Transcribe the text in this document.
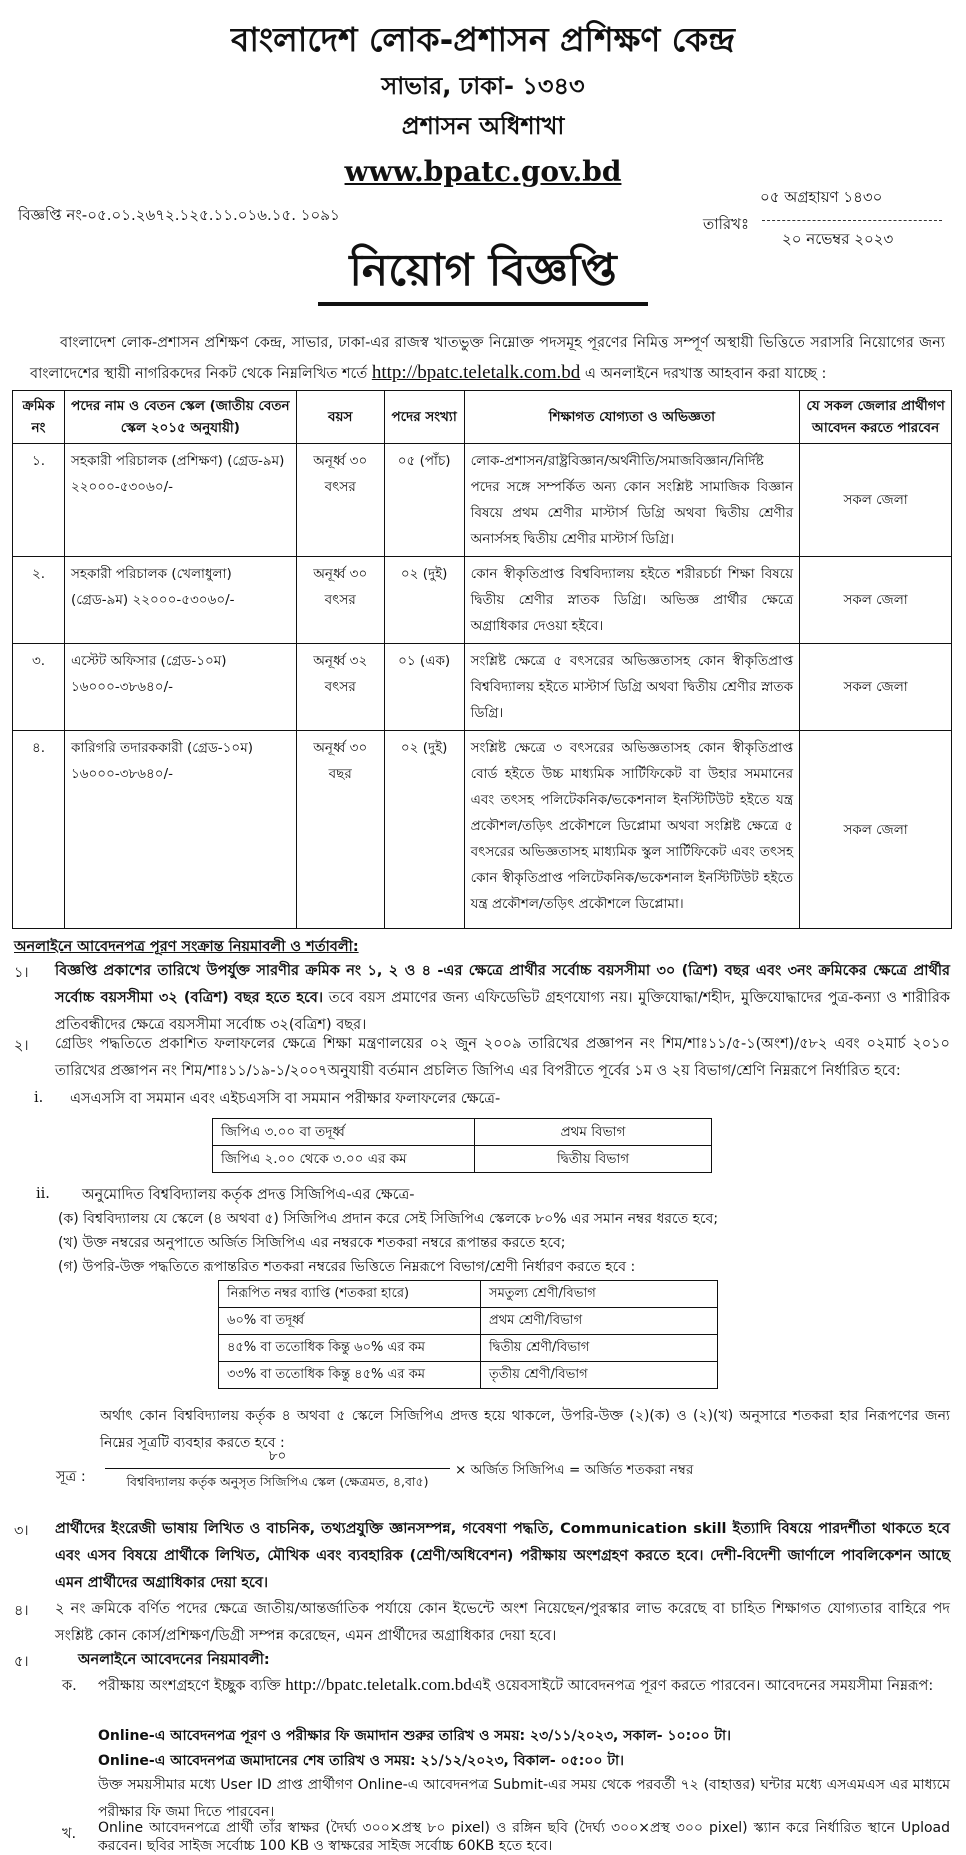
বাংলাদেশ লোক-প্রশাসন প্রশিক্ষণ কেন্দ্র
সাভার, ঢাকা- ১৩৪৩
প্রশাসন অধিশাখা
www.bpatc.gov.bd
বিজ্ঞপ্তি নং-০৫.০১.২৬৭২.১২৫.১১.০১৬.১৫. ১০৯১
০৫ অগ্রহায়ণ ১৪৩০
তারিখঃ
২০ নভেম্বর ২০২৩
নিয়োগ বিজ্ঞপ্তি
বাংলাদেশ লোক-প্রশাসন প্রশিক্ষণ কেন্দ্র, সাভার, ঢাকা-এর রাজস্ব খাতভুক্ত নিম্নোক্ত পদসমূহ পূরণের নিমিত্ত সম্পূর্ণ অস্থায়ী ভিত্তিতে সরাসরি নিয়োগের জন্য বাংলাদেশের স্থায়ী নাগরিকদের নিকট থেকে নিম্নলিখিত শর্তে http://bpatc.teletalk.com.bd এ অনলাইনে দরখাস্ত আহবান করা যাচ্ছে :
ক্রমিক নং	পদের নাম ও বেতন স্কেল (জাতীয় বেতন স্কেল ২০১৫ অনুযায়ী)	বয়স	পদের সংখ্যা	শিক্ষাগত যোগ্যতা ও অভিজ্ঞতা	যে সকল জেলার প্রার্থীগণ আবেদন করতে পারবেন
১.	সহকারী পরিচালক (প্রশিক্ষণ) (গ্রেড-৯ম) ২২০০০-৫৩০৬০/-	অনূর্ধ্ব ৩০ বৎসর	০৫ (পাঁচ)	লোক-প্রশাসন/রাষ্ট্রবিজ্ঞান/অর্থনীতি/সমাজবিজ্ঞান/নির্দিষ্ট পদের সঙ্গে সম্পর্কিত অন্য কোন সংশ্লিষ্ট সামাজিক বিজ্ঞান বিষয়ে প্রথম শ্রেণীর মাস্টার্স ডিগ্রি অথবা দ্বিতীয় শ্রেণীর অনার্সসহ দ্বিতীয় শ্রেণীর মাস্টার্স ডিগ্রি।	সকল জেলা
২.	সহকারী পরিচালক (খেলাধুলা) (গ্রেড-৯ম) ২২০০০-৫৩০৬০/-	অনূর্ধ্ব ৩০ বৎসর	০২ (দুই)	কোন স্বীকৃতিপ্রাপ্ত বিশ্ববিদ্যালয় হইতে শরীরচর্চা শিক্ষা বিষয়ে দ্বিতীয় শ্রেণীর স্নাতক ডিগ্রি। অভিজ্ঞ প্রার্থীর ক্ষেত্রে অগ্রাধিকার দেওয়া হইবে।	সকল জেলা
৩.	এস্টেট অফিসার (গ্রেড-১০ম) ১৬০০০-৩৮৬৪০/-	অনূর্ধ্ব ৩২ বৎসর	০১ (এক)	সংশ্লিষ্ট ক্ষেত্রে ৫ বৎসরের অভিজ্ঞতাসহ কোন স্বীকৃতিপ্রাপ্ত বিশ্ববিদ্যালয় হইতে মাস্টার্স ডিগ্রি অথবা দ্বিতীয় শ্রেণীর স্নাতক ডিগ্রি।	সকল জেলা
৪.	কারিগরি তদারককারী (গ্রেড-১০ম) ১৬০০০-৩৮৬৪০/-	অনূর্ধ্ব ৩০ বছর	০২ (দুই)	সংশ্লিষ্ট ক্ষেত্রে ৩ বৎসরের অভিজ্ঞতাসহ কোন স্বীকৃতিপ্রাপ্ত বোর্ড হইতে উচ্চ মাধ্যমিক সার্টিফিকেট বা উহার সমমানের এবং তৎসহ পলিটেকনিক/ভকেশনাল ইনস্টিটিউট হইতে যন্ত্র প্রকৌশল/তড়িৎ প্রকৌশলে ডিপ্লোমা অথবা সংশ্লিষ্ট ক্ষেত্রে ৫ বৎসরের অভিজ্ঞতাসহ মাধ্যমিক স্কুল সার্টিফিকেট এবং তৎসহ কোন স্বীকৃতিপ্রাপ্ত পলিটেকনিক/ভকেশনাল ইনস্টিটিউট হইতে যন্ত্র প্রকৌশল/তড়িৎ প্রকৌশলে ডিপ্লোমা।	সকল জেলা
অনলাইনে আবেদনপত্র পূরণ সংক্রান্ত নিয়মাবলী ও শর্তাবলী:
১। বিজ্ঞপ্তি প্রকাশের তারিখে উপর্যুক্ত সারণীর ক্রমিক নং ১, ২ ও ৪ -এর ক্ষেত্রে প্রার্থীর সর্বোচ্চ বয়সসীমা ৩০ (ত্রিশ) বছর এবং ৩নং ক্রমিকের ক্ষেত্রে প্রার্থীর সর্বোচ্চ বয়সসীমা ৩২ (বত্রিশ) বছর হতে হবে। তবে বয়স প্রমাণের জন্য এফিডেভিট গ্রহণযোগ্য নয়। মুক্তিযোদ্ধা/শহীদ, মুক্তিযোদ্ধাদের পুত্র-কন্যা ও শারীরিক প্রতিবন্ধীদের ক্ষেত্রে বয়সসীমা সর্বোচ্চ ৩২(বত্রিশ) বছর।
২। গ্রেডিং পদ্ধতিতে প্রকাশিত ফলাফলের ক্ষেত্রে শিক্ষা মন্ত্রণালয়ের ০২ জুন ২০০৯ তারিখের প্রজ্ঞাপন নং শিম/শাঃ১১/৫-১(অংশ)/৫৮২ এবং ০২মার্চ ২০১০ তারিখের প্রজ্ঞাপন নং শিম/শাঃ১১/১৯-১/২০০৭অনুযায়ী বর্তমান প্রচলিত জিপিএ এর বিপরীতে পূর্বের ১ম ও ২য় বিভাগ/শ্রেণি নিম্নরূপে নির্ধারিত হবে:
i. এসএসসি বা সমমান এবং এইচএসসি বা সমমান পরীক্ষার ফলাফলের ক্ষেত্রে-
জিপিএ ৩.০০ বা তদূর্ধ্ব	প্রথম বিভাগ
জিপিএ ২.০০ থেকে ৩.০০ এর কম	দ্বিতীয় বিভাগ
ii. অনুমোদিত বিশ্ববিদ্যালয় কর্তৃক প্রদত্ত সিজিপিএ-এর ক্ষেত্রে-
(ক) বিশ্ববিদ্যালয় যে স্কেলে (৪ অথবা ৫) সিজিপিএ প্রদান করে সেই সিজিপিএ স্কেলকে ৮০% এর সমান নম্বর ধরতে হবে;
(খ) উক্ত নম্বরের অনুপাতে অর্জিত সিজিপিএ এর নম্বরকে শতকরা নম্বরে রূপান্তর করতে হবে;
(গ) উপরি-উক্ত পদ্ধতিতে রূপান্তরিত শতকরা নম্বরের ভিত্তিতে নিম্নরূপে বিভাগ/শ্রেণী নির্ধারণ করতে হবে :
নিরূপিত নম্বর ব্যাপ্তি (শতকরা হারে)	সমতুল্য শ্রেণী/বিভাগ
৬০% বা তদূর্ধ্ব	প্রথম শ্রেণী/বিভাগ
৪৫% বা ততোধিক কিন্তু ৬০% এর কম	দ্বিতীয় শ্রেণী/বিভাগ
৩৩% বা ততোধিক কিন্তু ৪৫% এর কম	তৃতীয় শ্রেণী/বিভাগ
অর্থাৎ কোন বিশ্ববিদ্যালয় কর্তৃক ৪ অথবা ৫ স্কেলে সিজিপিএ প্রদত্ত হয়ে থাকলে, উপরি-উক্ত (২)(ক) ও (২)(খ) অনুসারে শতকরা হার নিরূপণের জন্য নিম্নের সূত্রটি ব্যবহার করতে হবে :
সূত্র :
৮০
বিশ্ববিদ্যালয় কর্তৃক অনুসৃত সিজিপিএ স্কেল (ক্ষেত্রমত, ৪,বা৫)
× অর্জিত সিজিপিএ = অর্জিত শতকরা নম্বর
৩। প্রার্থীদের ইংরেজী ভাষায় লিখিত ও বাচনিক, তথ্যপ্রযুক্তি জ্ঞানসম্পন্ন, গবেষণা পদ্ধতি, Communication skill ইত্যাদি বিষয়ে পারদর্শীতা থাকতে হবে এবং এসব বিষয়ে প্রার্থীকে লিখিত, মৌখিক এবং ব্যবহারিক (শ্রেণী/অধিবেশন) পরীক্ষায় অংশগ্রহণ করতে হবে। দেশী-বিদেশী জার্ণালে পাবলিকেশন আছে এমন প্রার্থীদের অগ্রাধিকার দেয়া হবে।
৪। ২ নং ক্রমিকে বর্ণিত পদের ক্ষেত্রে জাতীয়/আন্তর্জাতিক পর্যায়ে কোন ইভেন্টে অংশ নিয়েছেন/পুরস্কার লাভ করেছে বা চাহিত শিক্ষাগত যোগ্যতার বাহিরে পদ সংশ্লিষ্ট কোন কোর্স/প্রশিক্ষণ/ডিগ্রী সম্পন্ন করেছেন, এমন প্রার্থীদের অগ্রাধিকার দেয়া হবে।
৫।	অনলাইনে আবেদনের নিয়মাবলী:
ক. পরীক্ষায় অংশগ্রহণে ইচ্ছুক ব্যক্তি http://bpatc.teletalk.com.bdএই ওয়েবসাইটে আবেদনপত্র পূরণ করতে পারবেন। আবেদনের সময়সীমা নিম্নরূপ:
Online-এ আবেদনপত্র পূরণ ও পরীক্ষার ফি জমাদান শুরুর তারিখ ও সময়: ২৩/১১/২০২৩, সকাল- ১০:০০ টা।
Online-এ আবেদনপত্র জমাদানের শেষ তারিখ ও সময়: ২১/১২/২০২৩, বিকাল- ০৫:০০ টা।
উক্ত সময়সীমার মধ্যে User ID প্রাপ্ত প্রার্থীগণ Online-এ আবেদনপত্র Submit-এর সময় থেকে পরবর্তী ৭২ (বাহাত্তর) ঘন্টার মধ্যে এসএমএস এর মাধ্যমে পরীক্ষার ফি জমা দিতে পারবেন।
খ. Online আবেদনপত্রে প্রার্থী তাঁর স্বাক্ষর (দৈর্ঘ্য ৩০০×প্রস্থ ৮০ pixel) ও রঙ্গিন ছবি (দৈর্ঘ্য ৩০০×প্রস্থ ৩০০ pixel) স্ক্যান করে নির্ধারিত স্থানে Upload করবেন। ছবির সাইজ সর্বোচ্চ 100 KB ও স্বাক্ষরের সাইজ সর্বোচ্চ 60KB হতে হবে।
